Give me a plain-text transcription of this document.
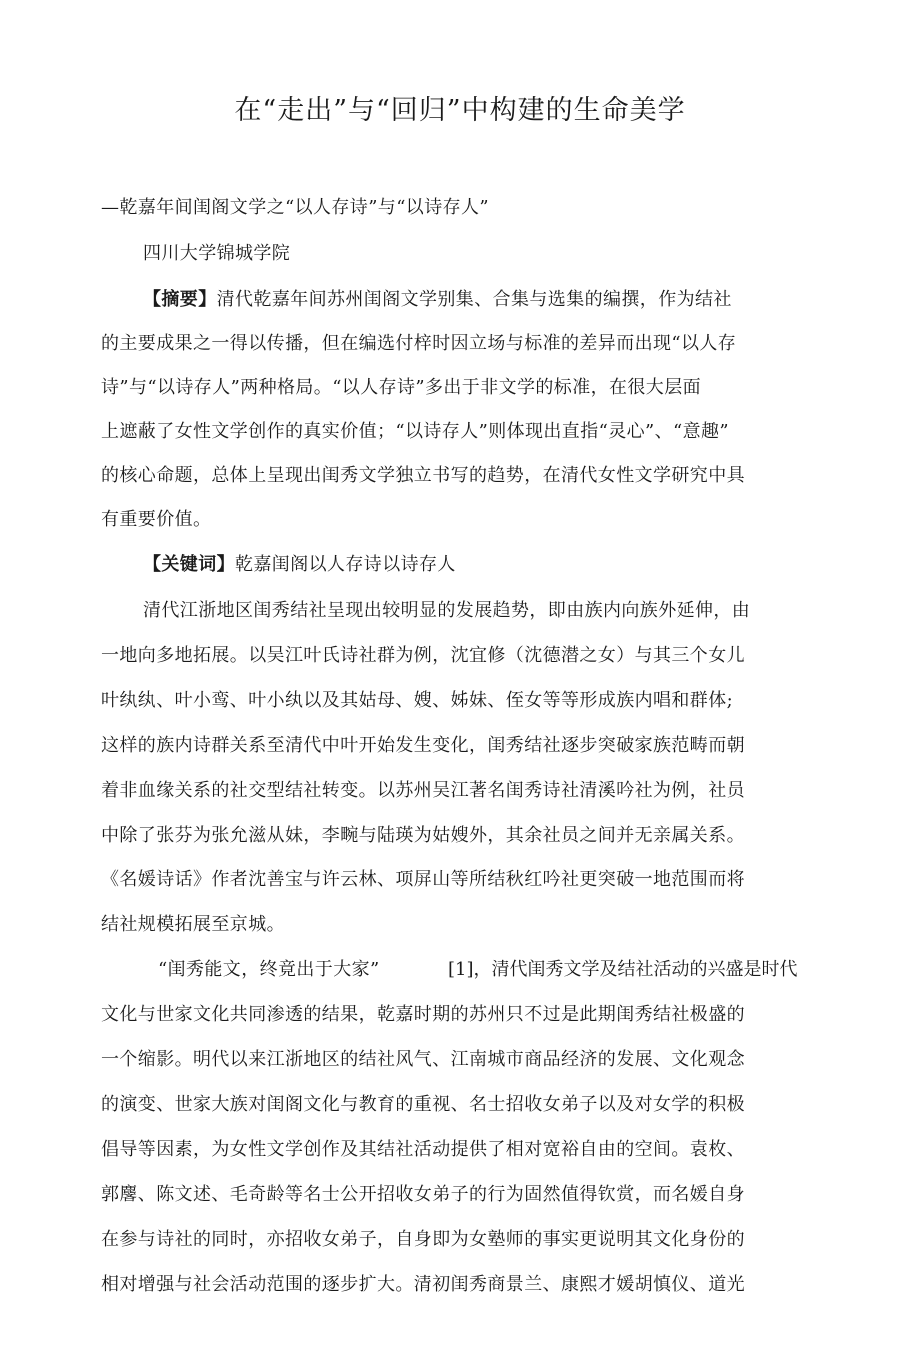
在“走出”与“回归”中构建的生命美学
—乾嘉年间闺阁文学之“以人存诗”与“以诗存人”
四川大学锦城学院
【摘要】清代乾嘉年间苏州闺阁文学别集、合集与选集的编撰，作为结社
的主要成果之一得以传播，但在编选付梓时因立场与标准的差异而出现“以人存
诗”与“以诗存人”两种格局。“以人存诗”多出于非文学的标准，在很大层面
上遮蔽了女性文学创作的真实价值；“以诗存人”则体现出直指“灵心”、“意趣”
的核心命题，总体上呈现出闺秀文学独立书写的趋势，在清代女性文学研究中具
有重要价值。
【关键词】乾嘉闺阁以人存诗以诗存人
清代江浙地区闺秀结社呈现出较明显的发展趋势，即由族内向族外延伸，由
一地向多地拓展。以吴江叶氏诗社群为例，沈宜修（沈德潜之女）与其三个女儿
叶纨纨、叶小鸾、叶小纨以及其姑母、嫂、姊妹、侄女等等形成族内唱和群体;
这样的族内诗群关系至清代中叶开始发生变化，闺秀结社逐步突破家族范畴而朝
着非血缘关系的社交型结社转变。以苏州吴江著名闺秀诗社清溪吟社为例，社员
中除了张芬为张允滋从妹，李畹与陆瑛为姑嫂外，其余社员之间并无亲属关系。
《名媛诗话》作者沈善宝与许云林、项屏山等所结秋红吟社更突破一地范围而将
结社规模拓展至京城。
“闺秀能文，终竟出于大家”	[1]，清代闺秀文学及结社活动的兴盛是时代
文化与世家文化共同渗透的结果，乾嘉时期的苏州只不过是此期闺秀结社极盛的
一个缩影。明代以来江浙地区的结社风气、江南城市商品经济的发展、文化观念
的演变、世家大族对闺阁文化与教育的重视、名士招收女弟子以及对女学的积极
倡导等因素，为女性文学创作及其结社活动提供了相对宽裕自由的空间。袁枚、
郭麐、陈文述、毛奇龄等名士公开招收女弟子的行为固然值得钦赏，而名媛自身
在参与诗社的同时，亦招收女弟子，自身即为女塾师的事实更说明其文化身份的
相对增强与社会活动范围的逐步扩大。清初闺秀商景兰、康熙才媛胡慎仪、道光
